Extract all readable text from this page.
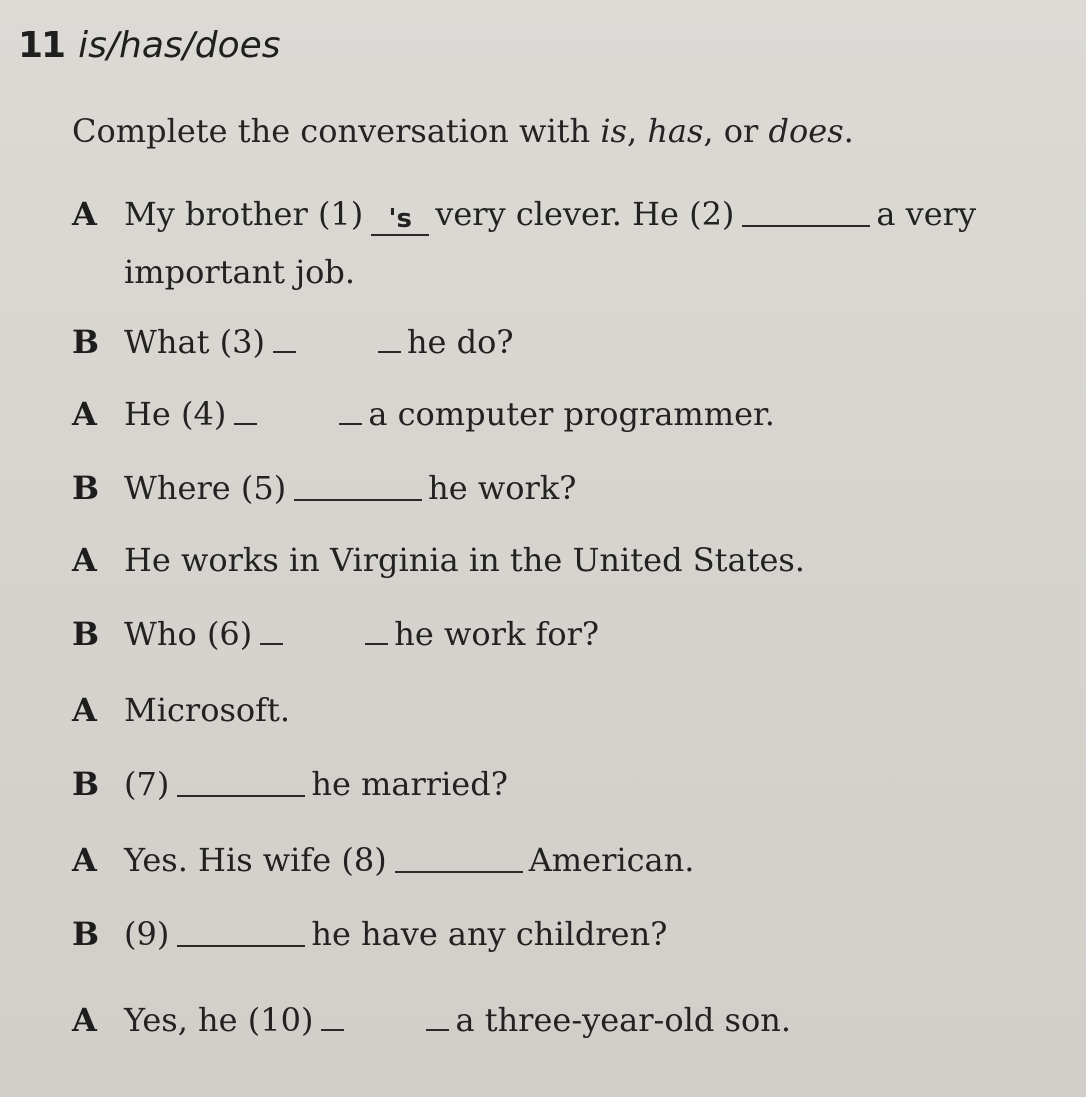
11 is/has/does
Complete the conversation with is, has, or does.
A My brother (1) 's very clever. He (2)	a very
important job.
B What (3)	he do?
A He (4)	a computer programmer.
B Where (5)	he work?
A He works in Virginia in the United States.
B Who (6)	he work for?
A Microsoft.
B (7)	he married?
A Yes. His wife (8)	American.
B (9)	he have any children?
A Yes, he (10)	a three-year-old son.
